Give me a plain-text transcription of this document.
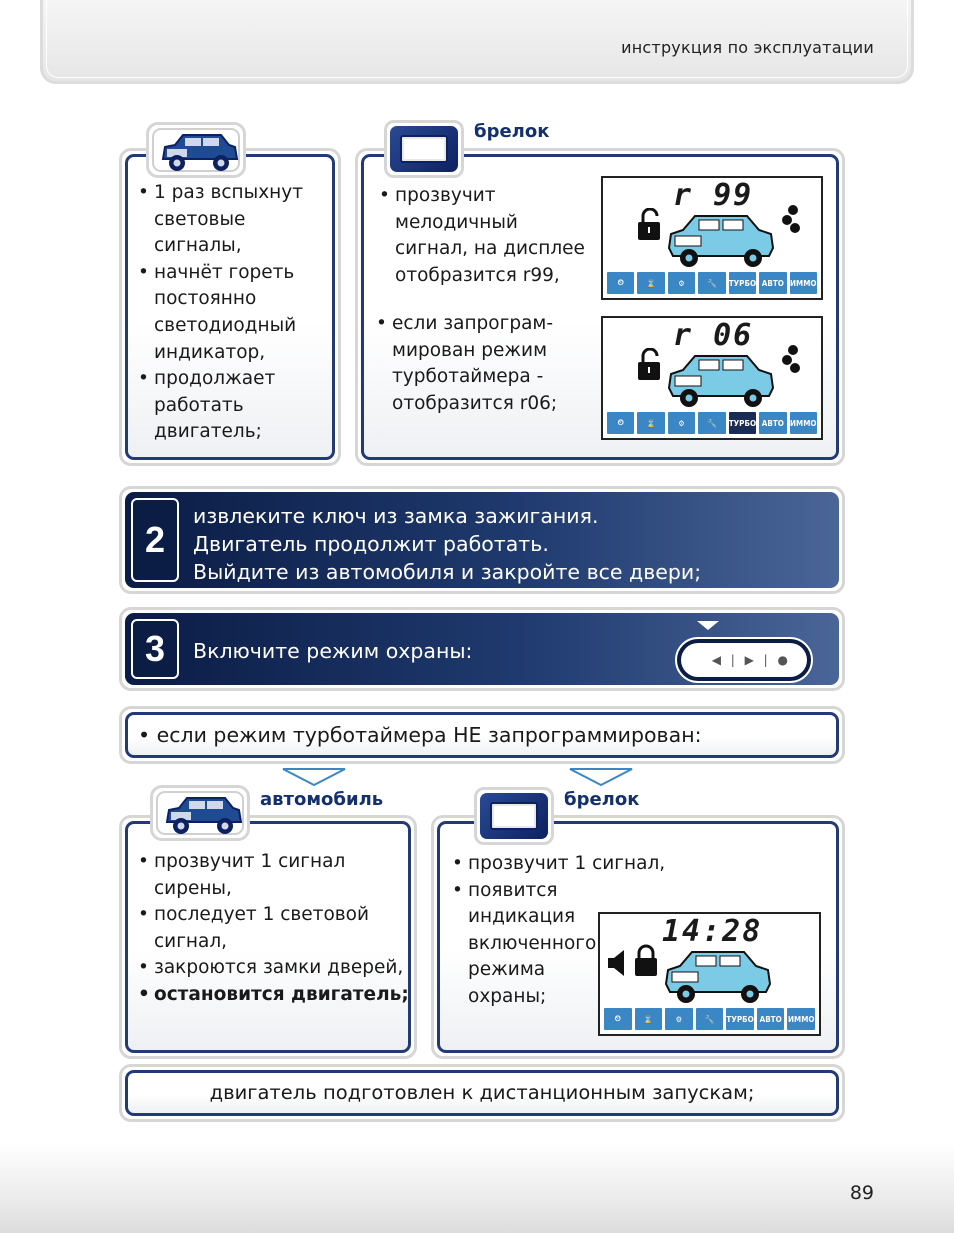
инструкция по эксплуатации
• 1 раз вспыхнут световые сигналы,
• начнёт гореть постоянно светодиодный индикатор,
• продолжает работать двигатель;
брелок
• прозвучит мелодичный сигнал, на дисплее отобразится r99,
• если запрограм-мирован режим турботаймера - отобразится r06;
r 99
⏲	⌛	⚙	🔧	ТУРБО АВТО ИММО
r 06
⏲	⌛	⚙	🔧	ТУРБО АВТО ИММО
2
извлеките ключ из замка зажигания.
Двигатель продолжит работать.
Выйдите из автомобиля и закройте все двери;
3	Включите режим охраны:	◀ | ▶ | ●
• если режим турботаймера НЕ запрограммирован:
автомобиль
• прозвучит 1 сигнал сирены,
• последует 1 световой сигнал,
• закроются замки дверей,
• остановится двигатель;
брелок
• прозвучит 1 сигнал,
• появится индикация включенного режима охраны;
14:28
⏲	⌛	⚙	🔧	ТУРБО АВТО ИММО
двигатель подготовлен к дистанционным запускам;
89
